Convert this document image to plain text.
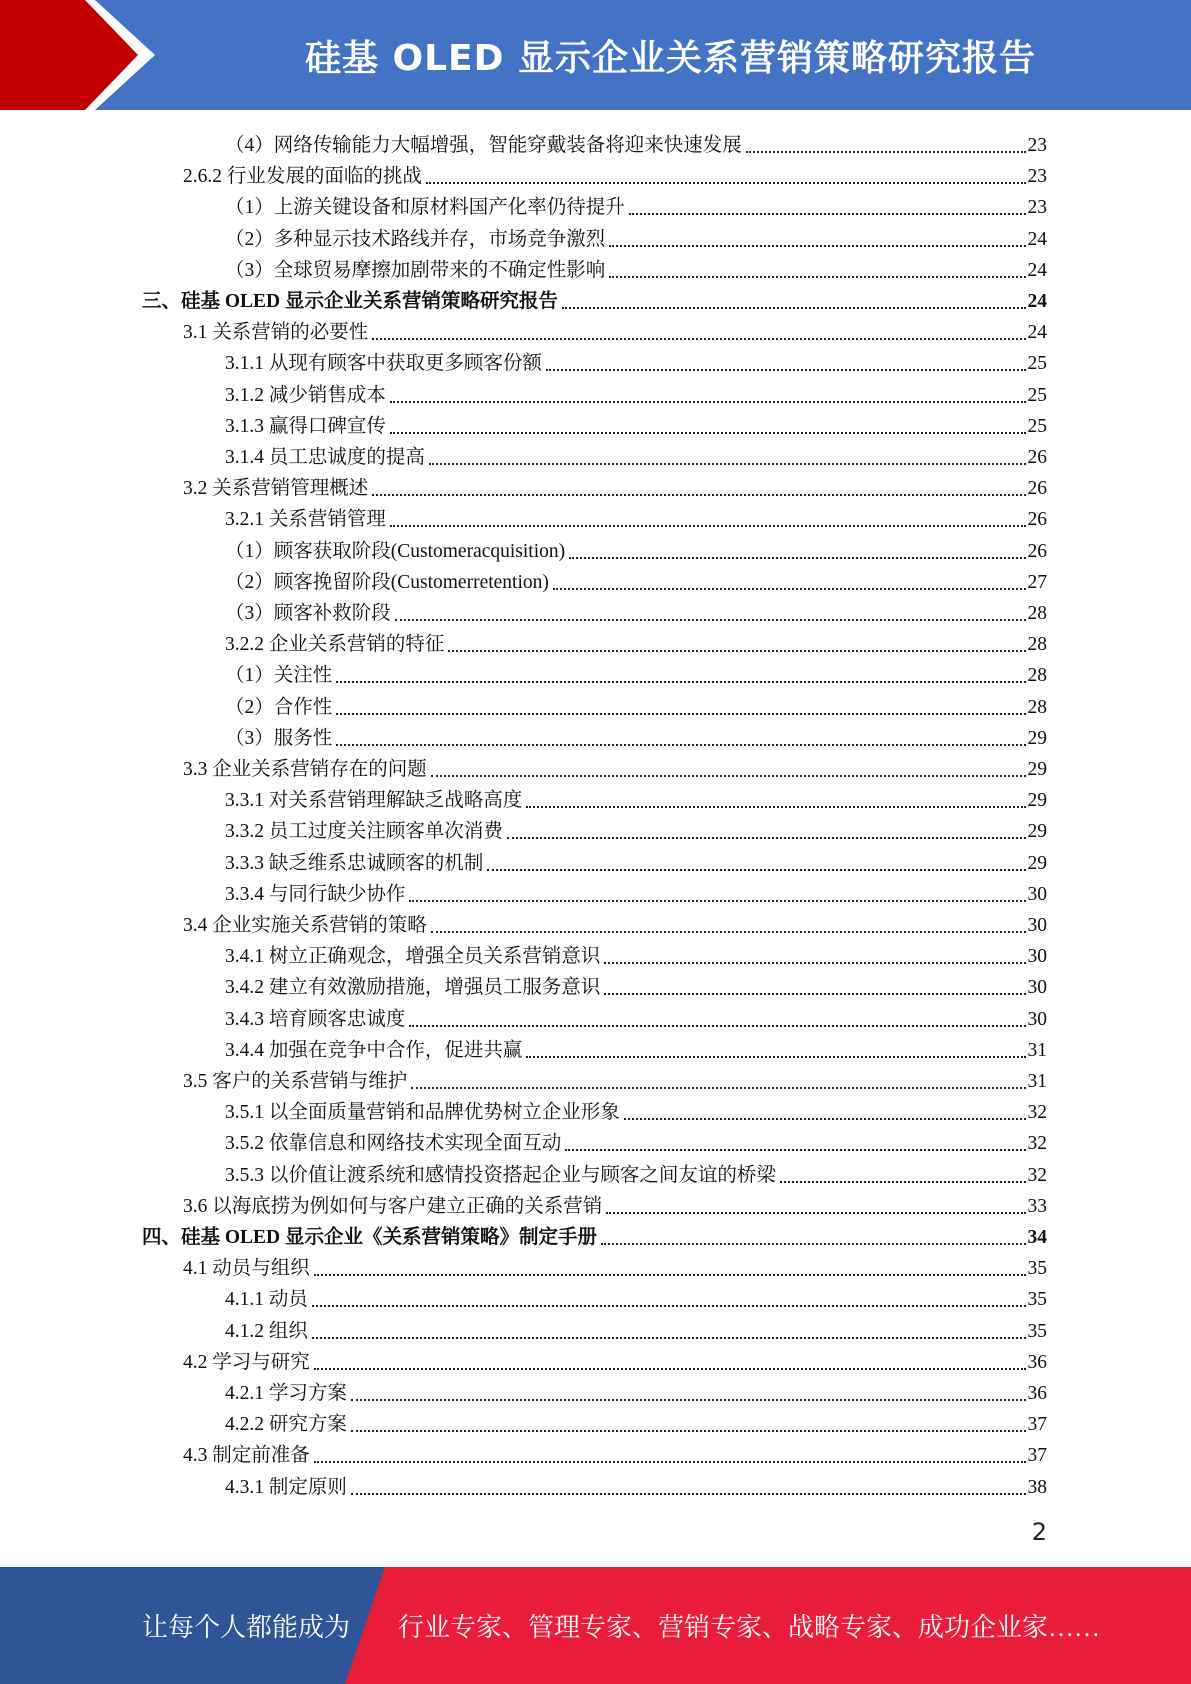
硅基 OLED 显示企业关系营销策略研究报告
（4）网络传输能力大幅增强，智能穿戴装备将迎来快速发展	23
2.6.2 行业发展的面临的挑战	23
（1）上游关键设备和原材料国产化率仍待提升	23
（2）多种显示技术路线并存，市场竞争激烈	24
（3）全球贸易摩擦加剧带来的不确定性影响	24
三、硅基 OLED 显示企业关系营销策略研究报告	24
3.1 关系营销的必要性	24
3.1.1 从现有顾客中获取更多顾客份额	25
3.1.2 减少销售成本	25
3.1.3 赢得口碑宣传	25
3.1.4 员工忠诚度的提高	26
3.2 关系营销管理概述	26
3.2.1 关系营销管理	26
（1）顾客获取阶段(Customeracquisition)	26
（2）顾客挽留阶段(Customerretention)	27
（3）顾客补救阶段	28
3.2.2 企业关系营销的特征	28
（1）关注性	28
（2）合作性	28
（3）服务性	29
3.3 企业关系营销存在的问题	29
3.3.1 对关系营销理解缺乏战略高度	29
3.3.2 员工过度关注顾客单次消费	29
3.3.3 缺乏维系忠诚顾客的机制	29
3.3.4 与同行缺少协作	30
3.4 企业实施关系营销的策略	30
3.4.1 树立正确观念，增强全员关系营销意识	30
3.4.2 建立有效激励措施，增强员工服务意识	30
3.4.3 培育顾客忠诚度	30
3.4.4 加强在竞争中合作，促进共赢	31
3.5 客户的关系营销与维护	31
3.5.1 以全面质量营销和品牌优势树立企业形象	32
3.5.2 依靠信息和网络技术实现全面互动	32
3.5.3 以价值让渡系统和感情投资搭起企业与顾客之间友谊的桥梁	32
3.6 以海底捞为例如何与客户建立正确的关系营销	33
四、硅基 OLED 显示企业《关系营销策略》制定手册	34
4.1 动员与组织	35
4.1.1 动员	35
4.1.2 组织	35
4.2 学习与研究	36
4.2.1 学习方案	36
4.2.2 研究方案	37
4.3 制定前准备	37
4.3.1 制定原则	38
2
让每个人都能成为 行业专家、管理专家、营销专家、战略专家、成功企业家……
